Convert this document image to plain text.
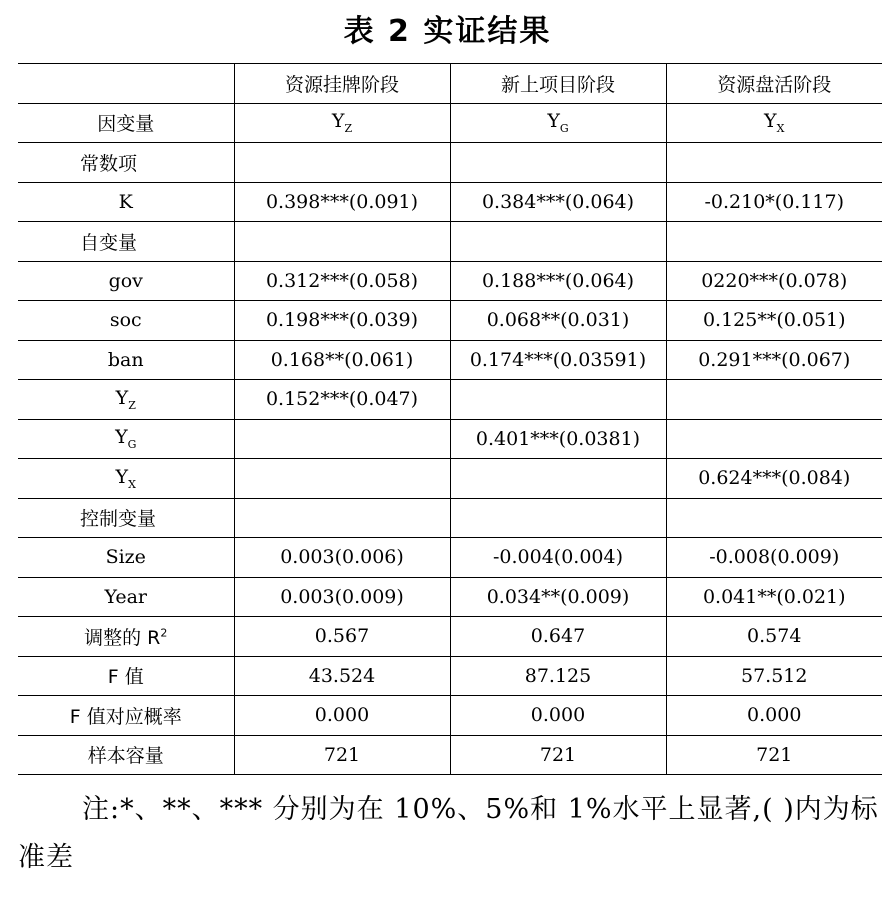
表 2 实证结果
	资源挂牌阶段	新上项目阶段	资源盘活阶段
因变量	$Y_Z$	$Y_G$	$Y_X$
常数项			
K	0.398***(0.091)	0.384***(0.064)	-0.210*(0.117)
自变量			
gov	0.312***(0.058)	0.188***(0.064)	0220***(0.078)
soc	0.198***(0.039)	0.068**(0.031)	0.125**(0.051)
ban	0.168**(0.061)	0.174***(0.03591)	0.291***(0.067)
$Y_Z$	0.152***(0.047)		
$Y_G$		0.401***(0.0381)	
$Y_X$			0.624***(0.084)
控制变量			
Size	0.003(0.006)	-0.004(0.004)	-0.008(0.009)
Year	0.003(0.009)	0.034**(0.009)	0.041**(0.021)
调整的 $R^2$	0.567	0.647	0.574
F 值	43.524	87.125	57.512
F 值对应概率	0.000	0.000	0.000
样本容量	721	721	721
注:*、**、*** 分别为在 10%、5%和 1%水平上显著,( )内为标准差
